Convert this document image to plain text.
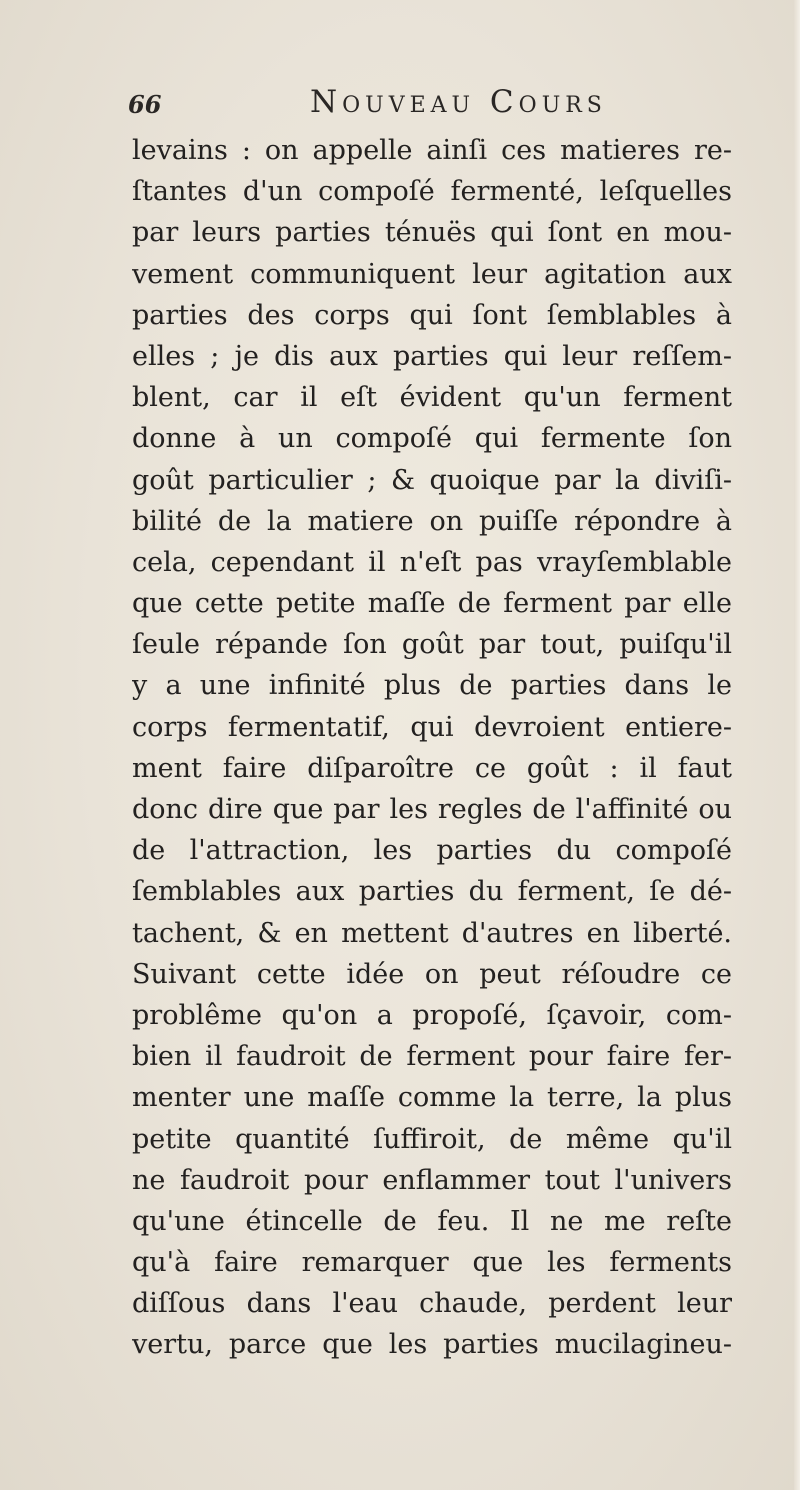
66	Nouveau Cours
levains : on appelle ainſi ces matieres re-
ſtantes d'un compoſé fermenté, leſquelles
par leurs parties ténuës qui ſont en mou-
vement communiquent leur agitation aux
parties des corps qui ſont ſemblables à
elles ; je dis aux parties qui leur reſſem-
blent, car il eſt évident qu'un ferment
donne à un compoſé qui fermente ſon
goût particulier ; & quoique par la diviſi-
bilité de la matiere on puiſſe répondre à
cela, cependant il n'eſt pas vrayſemblable
que cette petite maſſe de ferment par elle
ſeule répande ſon goût par tout, puiſqu'il
y a une infinité plus de parties dans le
corps fermentatif, qui devroient entiere-
ment faire diſparoître ce goût : il faut
donc dire que par les regles de l'affinité ou
de l'attraction, les parties du compoſé
ſemblables aux parties du ferment, ſe dé-
tachent, & en mettent d'autres en liberté.
Suivant cette idée on peut réſoudre ce
problême qu'on a propoſé, ſçavoir, com-
bien il faudroit de ferment pour faire fer-
menter une maſſe comme la terre, la plus
petite quantité ſuffiroit, de même qu'il
ne faudroit pour enflammer tout l'univers
qu'une étincelle de feu. Il ne me reſte
qu'à faire remarquer que les ferments
diſſous dans l'eau chaude, perdent leur
vertu, parce que les parties mucilagineu-
